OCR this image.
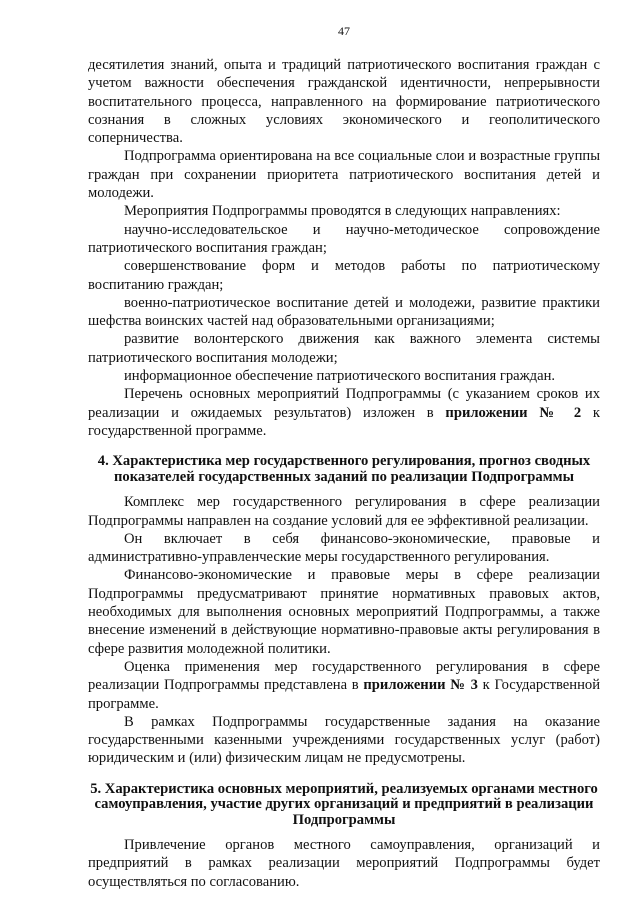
47

десятилетия знаний, опыта и традиций патриотического воспитания граждан с учетом важности обеспечения гражданской идентичности, непрерывности воспитательного процесса, направленного на формирование патриотического сознания в сложных условиях экономического и геополитического соперничества.

Подпрограмма ориентирована на все социальные слои и возрастные группы граждан при сохранении приоритета патриотического воспитания детей и молодежи.

Мероприятия Подпрограммы проводятся в следующих направлениях:

научно-исследовательское и научно-методическое сопровождение патриотического воспитания граждан;

совершенствование форм и методов работы по патриотическому воспитанию граждан;

военно-патриотическое воспитание детей и молодежи, развитие практики шефства воинских частей над образовательными организациями;

развитие волонтерского движения как важного элемента системы патриотического воспитания молодежи;

информационное обеспечение патриотического воспитания граждан.

Перечень основных мероприятий Подпрограммы (с указанием сроков их реализации и ожидаемых результатов) изложен в приложении № 2 к государственной программе.

4. Характеристика мер государственного регулирования, прогноз сводных показателей государственных заданий по реализации Подпрограммы

Комплекс мер государственного регулирования в сфере реализации Подпрограммы направлен на создание условий для ее эффективной реализации.

Он включает в себя финансово-экономические, правовые и административно-управленческие меры государственного регулирования.

Финансово-экономические и правовые меры в сфере реализации Подпрограммы предусматривают принятие нормативных правовых актов, необходимых для выполнения основных мероприятий Подпрограммы, а также внесение изменений в действующие нормативно-правовые акты регулирования в сфере развития молодежной политики.

Оценка применения мер государственного регулирования в сфере реализации Подпрограммы представлена в приложении № 3 к Государственной программе.

В рамках Подпрограммы государственные задания на оказание государственными казенными учреждениями государственных услуг (работ) юридическим и (или) физическим лицам не предусмотрены.

5. Характеристика основных мероприятий, реализуемых органами местного самоуправления, участие других организаций и предприятий в реализации Подпрограммы

Привлечение органов местного самоуправления, организаций и предприятий в рамках реализации мероприятий Подпрограммы будет осуществляться по согласованию.
